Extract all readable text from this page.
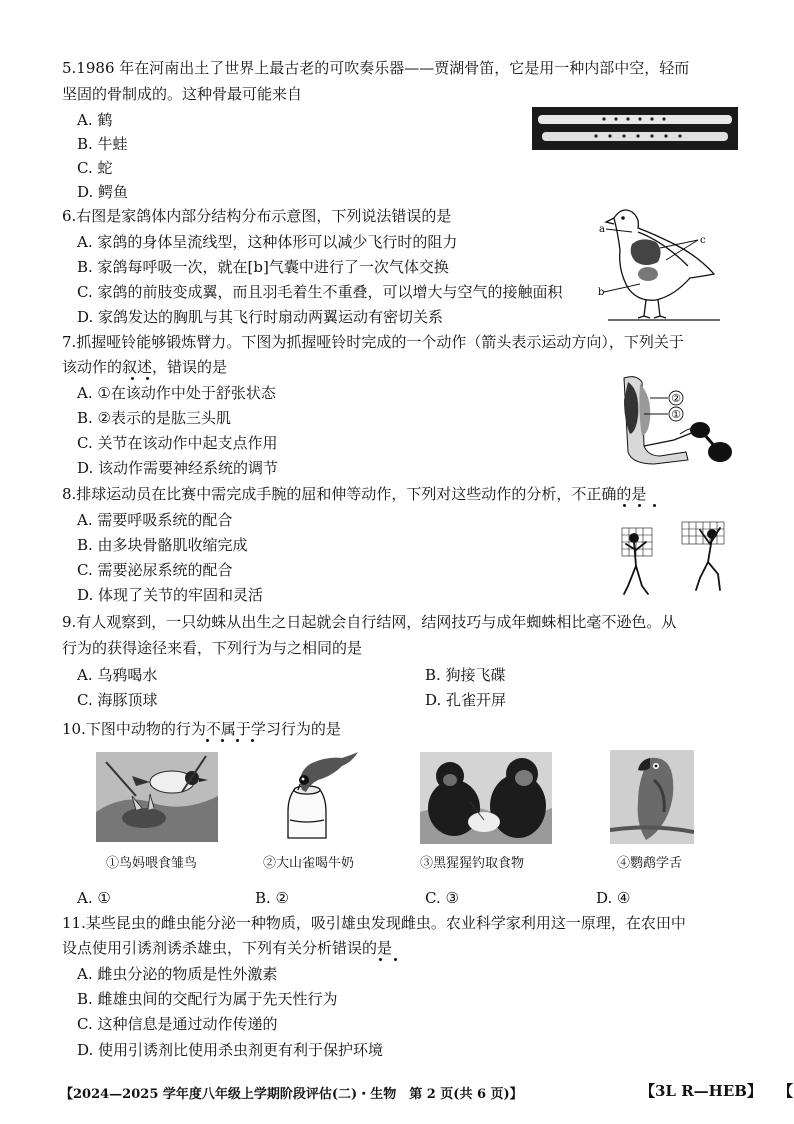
5.1986 年在河南出土了世界上最古老的可吹奏乐器——贾湖骨笛，它是用一种内部中空，轻而
坚固的骨制成的。这种骨最可能来自
A. 鹤
B. 牛蛙
C. 蛇
D. 鳄鱼
6.右图是家鸽体内部分结构分布示意图，下列说法错误的是
A. 家鸽的身体呈流线型，这种体形可以减少飞行时的阻力
B. 家鸽每呼吸一次，就在[b]气囊中进行了一次气体交换
C. 家鸽的前肢变成翼，而且羽毛着生不重叠，可以增大与空气的接触面积
D. 家鸽发达的胸肌与其飞行时扇动两翼运动有密切关系
a
b
c
7.抓握哑铃能够锻炼臂力。下图为抓握哑铃时完成的一个动作（箭头表示运动方向），下列关于
该动作的叙述，错误的是
A. ①在该动作中处于舒张状态
B. ②表示的是肱三头肌
C. 关节在该动作中起支点作用
D. 该动作需要神经系统的调节
②
①
8.排球运动员在比赛中需完成手腕的屈和伸等动作，下列对这些动作的分析，不正确的是
A. 需要呼吸系统的配合
B. 由多块骨骼肌收缩完成
C. 需要泌尿系统的配合
D. 体现了关节的牢固和灵活
9.有人观察到，一只幼蛛从出生之日起就会自行结网，结网技巧与成年蜘蛛相比毫不逊色。从
行为的获得途径来看，下列行为与之相同的是
A. 乌鸦喝水	B. 狗接飞碟
C. 海豚顶球	D. 孔雀开屏
10.下图中动物的行为不属于学习行为的是
①鸟妈喂食雏鸟	②大山雀喝牛奶	③黑猩猩钓取食物	④鹦鹉学舌
A. ①	B. ②	C. ③	D. ④
11.某些昆虫的雌虫能分泌一种物质，吸引雄虫发现雌虫。农业科学家利用这一原理，在农田中
设点使用引诱剂诱杀雄虫，下列有关分析错误的是
A. 雌虫分泌的物质是性外激素
B. 雌雄虫间的交配行为属于先天性行为
C. 这种信息是通过动作传递的
D. 使用引诱剂比使用杀虫剂更有利于保护环境
【2024—2025 学年度八年级上学期阶段评估(二)・生物　第 2 页(共 6 页)】	【3L R—HEB】 【
